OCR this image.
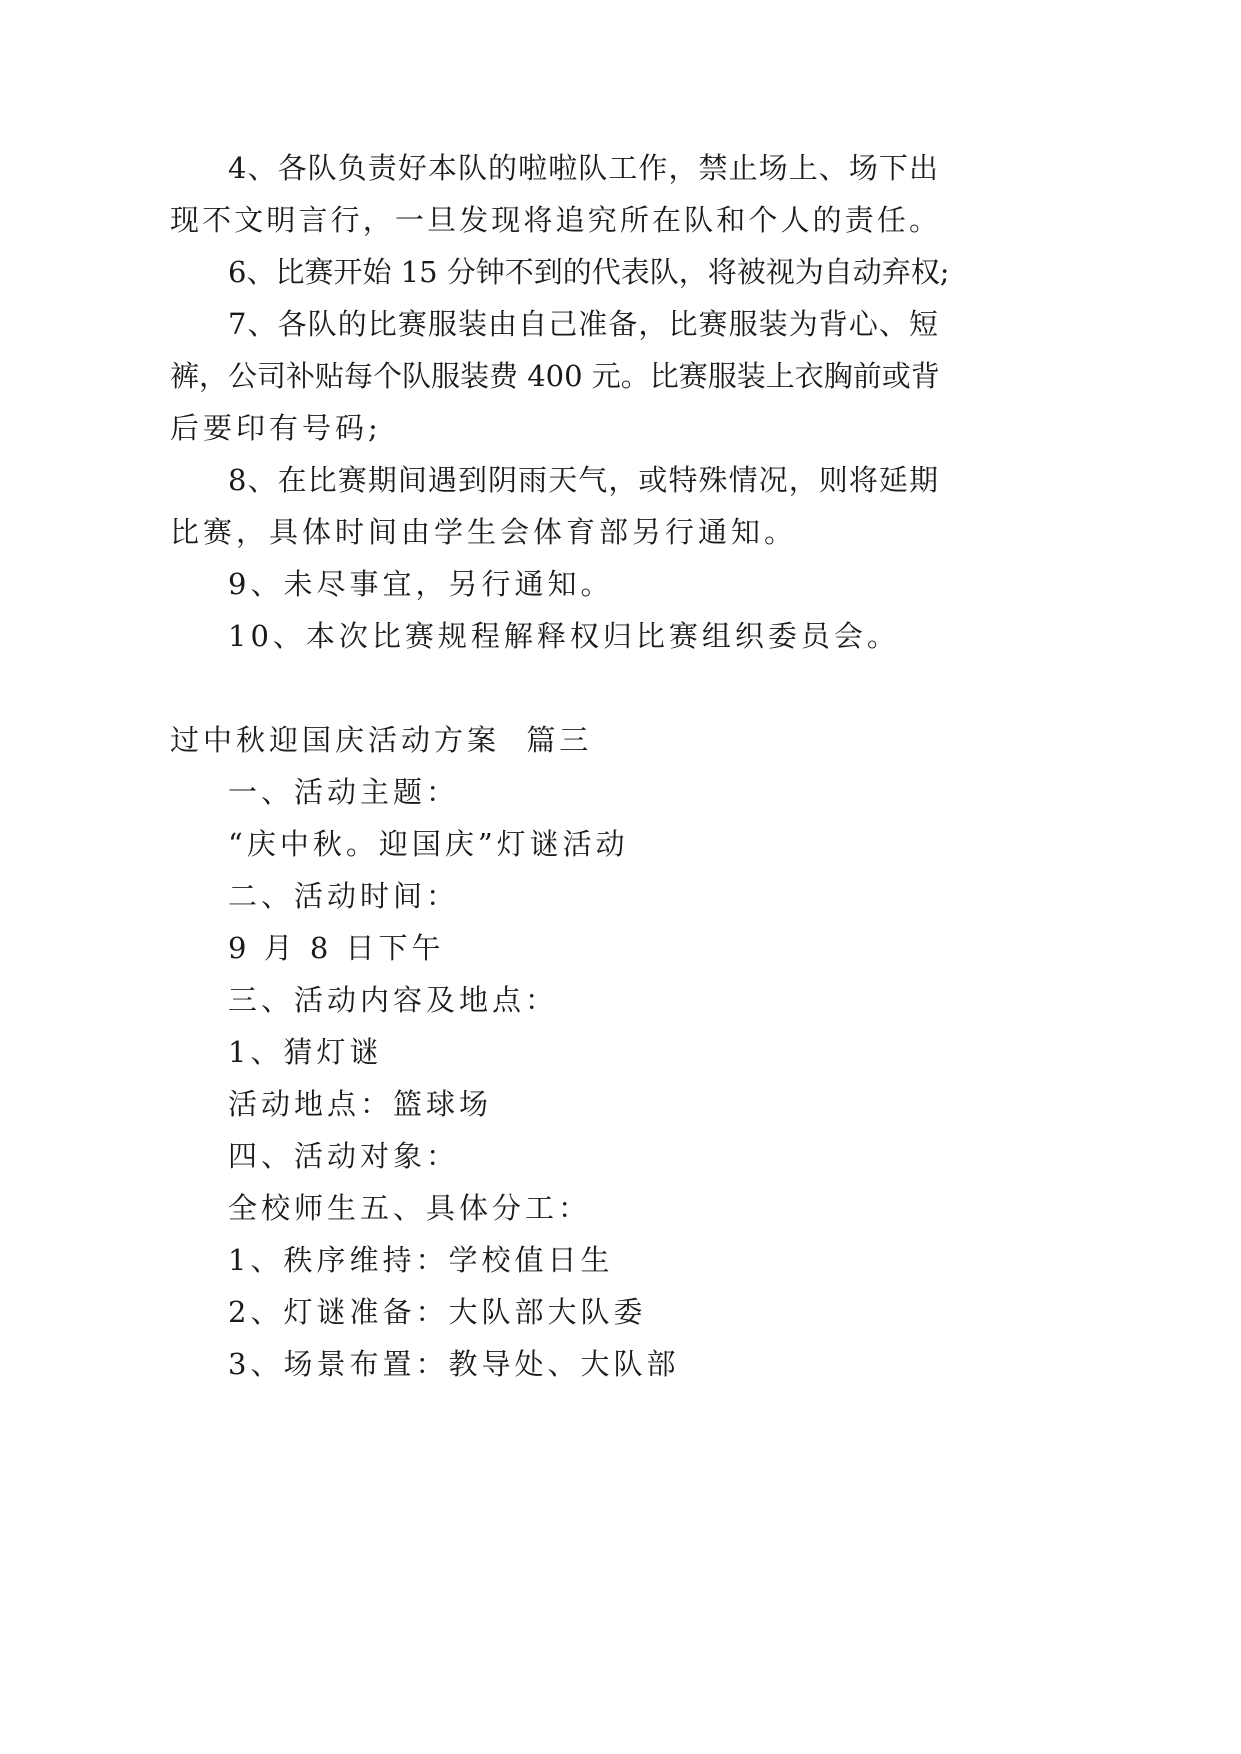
4、各队负责好本队的啦啦队工作，禁止场上、场下出
现不文明言行，一旦发现将追究所在队和个人的责任。
6、比赛开始 15 分钟不到的代表队，将被视为自动弃权;
7、各队的比赛服装由自己准备，比赛服装为背心、短
裤，公司补贴每个队服装费 400 元。比赛服装上衣胸前或背
后要印有号码;
8、在比赛期间遇到阴雨天气，或特殊情况，则将延期
比赛，具体时间由学生会体育部另行通知。
9、未尽事宜，另行通知。
10、本次比赛规程解释权归比赛组织委员会。
过中秋迎国庆活动方案  篇三
一、活动主题：
“庆中秋。迎国庆”灯谜活动
二、活动时间：
9 月 8 日下午
三、活动内容及地点：
1、猜灯谜
活动地点：篮球场
四、活动对象：
全校师生五、具体分工：
1、秩序维持：学校值日生
2、灯谜准备：大队部大队委
3、场景布置：教导处、大队部
